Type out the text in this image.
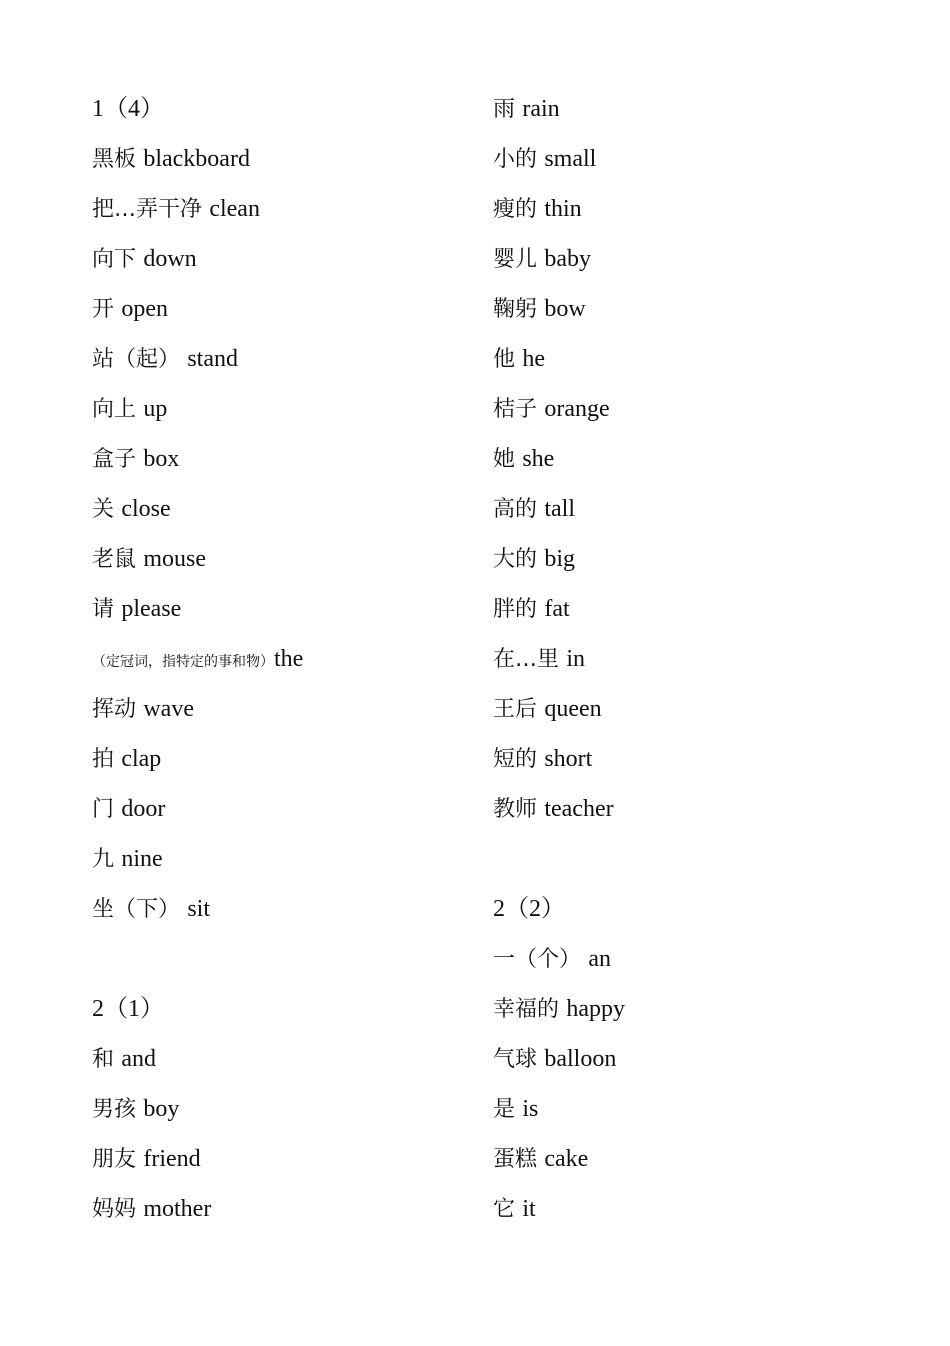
1（4）
黑板 blackboard
把…弄干净 clean
向下 down
开 open
站（起） stand
向上 up
盒子 box
关 close
老鼠 mouse
请 please
（定冠词，指特定的事和物）the
挥动 wave
拍 clap
门 door
九 nine
坐（下） sit
2（1）
和 and
男孩 boy
朋友 friend
妈妈 mother
雨 rain
小的 small
瘦的 thin
婴儿 baby
鞠躬 bow
他 he
桔子 orange
她 she
高的 tall
大的 big
胖的 fat
在…里 in
王后 queen
短的 short
教师 teacher
2（2）
一（个） an
幸福的 happy
气球 balloon
是 is
蛋糕 cake
它 it
